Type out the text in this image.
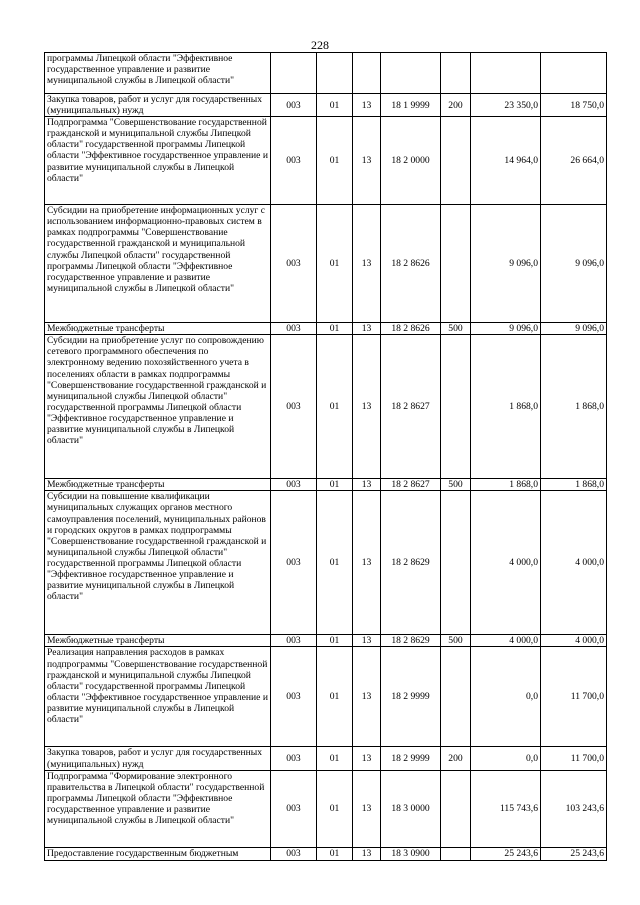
228
программы Липецкой области "Эффективное государственное управление и развитие муниципальной службы в Липецкой области"							
Закупка товаров, работ и услуг для государственных (муниципальных) нужд	003	01	13	18 1 9999	200	23 350,0	18 750,0
Подпрограмма "Совершенствование государственной гражданской и муниципальной службы Липецкой области" государственной программы Липецкой области "Эффективное государственное управление и развитие муниципальной службы в Липецкой области"	003	01	13	18 2 0000		14 964,0	26 664,0
Субсидии на приобретение информационных услуг с использованием информационно-правовых систем в рамках подпрограммы "Совершенствование государственной гражданской и муниципальной службы Липецкой области" государственной программы Липецкой области "Эффективное государственное управление и развитие муниципальной службы в Липецкой области"	003	01	13	18 2 8626		9 096,0	9 096,0
Межбюджетные трансферты	003	01	13	18 2 8626	500	9 096,0	9 096,0
Субсидии на приобретение услуг по сопровождению сетевого программного обеспечения по электронному ведению похозяйственного учета в поселениях области в рамках подпрограммы "Совершенствование государственной гражданской и муниципальной службы Липецкой области" государственной программы Липецкой области "Эффективное государственное управление и развитие муниципальной службы в Липецкой области"	003	01	13	18 2 8627		1 868,0	1 868,0
Межбюджетные трансферты	003	01	13	18 2 8627	500	1 868,0	1 868,0
Субсидии на повышение квалификации муниципальных служащих органов местного самоуправления поселений, муниципальных районов и городских округов в рамках подпрограммы "Совершенствование государственной гражданской и муниципальной службы Липецкой области" государственной программы Липецкой области "Эффективное государственное управление и развитие муниципальной службы в Липецкой области"	003	01	13	18 2 8629		4 000,0	4 000,0
Межбюджетные трансферты	003	01	13	18 2 8629	500	4 000,0	4 000,0
Реализация направления расходов в рамках подпрограммы "Совершенствование государственной гражданской и муниципальной службы Липецкой области" государственной программы Липецкой области "Эффективное государственное управление и развитие муниципальной службы в Липецкой области"	003	01	13	18 2 9999		0,0	11 700,0
Закупка товаров, работ и услуг для государственных (муниципальных) нужд	003	01	13	18 2 9999	200	0,0	11 700,0
Подпрограмма "Формирование электронного правительства в Липецкой области" государственной программы Липецкой области "Эффективное государственное управление и развитие муниципальной службы в Липецкой области"	003	01	13	18 3 0000		115 743,6	103 243,6
Предоставление государственным бюджетным	003	01	13	18 3 0900		25 243,6	25 243,6
